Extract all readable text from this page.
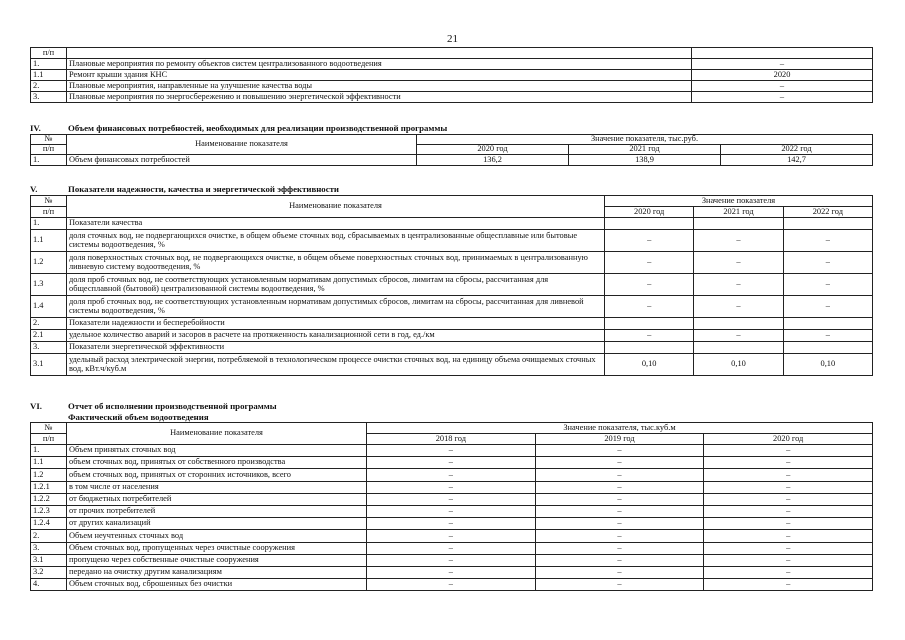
21
п/п		
1.	Плановые мероприятия по ремонту объектов систем централизованного водоотведения	–
1.1	Ремонт крыши здания КНС	2020
2.	Плановые мероприятия, направленные на улучшение качества воды	–
3.	Плановые мероприятия по энергосбережению и повышению энергетической эффективности	–
IV.	Объем финансовых потребностей, необходимых для реализации производственной программы
№	Наименование показателя	Значение показателя, тыс.руб.		
п/п		2020 год	2021 год	2022 год
1.	Объем финансовых потребностей	136,2	138,9	142,7
V.	Показатели надежности, качества и энергетической эффективности
№	Наименование показателя	Значение показателя		
п/п		2020 год	2021 год	2022 год
1.	Показатели качества			
1.1	доля сточных вод, не подвергающихся очистке, в общем объеме сточных вод, сбрасываемых в централизованные общесплавные или бытовые системы водоотведения, %	–	–	–
1.2	доля поверхностных сточных вод, не подвергающихся очистке, в общем объеме поверхностных сточных вод, принимаемых в централизованную ливневую систему водоотведения, %	–	–	–
1.3	доля проб сточных вод, не соответствующих установленным нормативам допустимых сбросов, лимитам на сбросы, рассчитанная для общесплавной (бытовой) централизованной системы водоотведения, %	–	–	–
1.4	доля проб сточных вод, не соответствующих установленным нормативам допустимых сбросов, лимитам на сбросы, рассчитанная для ливневой системы водоотведения, %	–	–	–
2.	Показатели надежности и бесперебойности			
2.1	удельное количество аварий и засоров в расчете на протяженность канализационной сети в год, ед./км	–	–	–
3.	Показатели энергетической эффективности			
3.1	удельный расход электрической энергии, потребляемой в технологическом процессе очистки сточных вод, на единицу объема очищаемых сточных вод, кВт.ч/куб.м	0,10	0,10	0,10
VI.	Отчет об исполнении производственной программы
Фактический объем водоотведения
№	Наименование показателя	Значение показателя, тыс.куб.м		
п/п		2018 год	2019 год	2020 год
1.	Объем принятых сточных вод	–	–	–
1.1	объем сточных вод, принятых от собственного производства	–	–	–
1.2	объем сточных вод, принятых от сторонних источников, всего	–	–	–
1.2.1	в том числе от населения	–	–	–
1.2.2	от бюджетных потребителей	–	–	–
1.2.3	от прочих потребителей	–	–	–
1.2.4	от других канализаций	–	–	–
2.	Объем неучтенных сточных вод	–	–	–
3.	Объем сточных вод, пропущенных через очистные сооружения	–	–	–
3.1	пропущено через собственные очистные сооружения	–	–	–
3.2	передано на очистку другим канализациям	–	–	–
4.	Объем сточных вод, сброшенных без очистки	–	–	–
